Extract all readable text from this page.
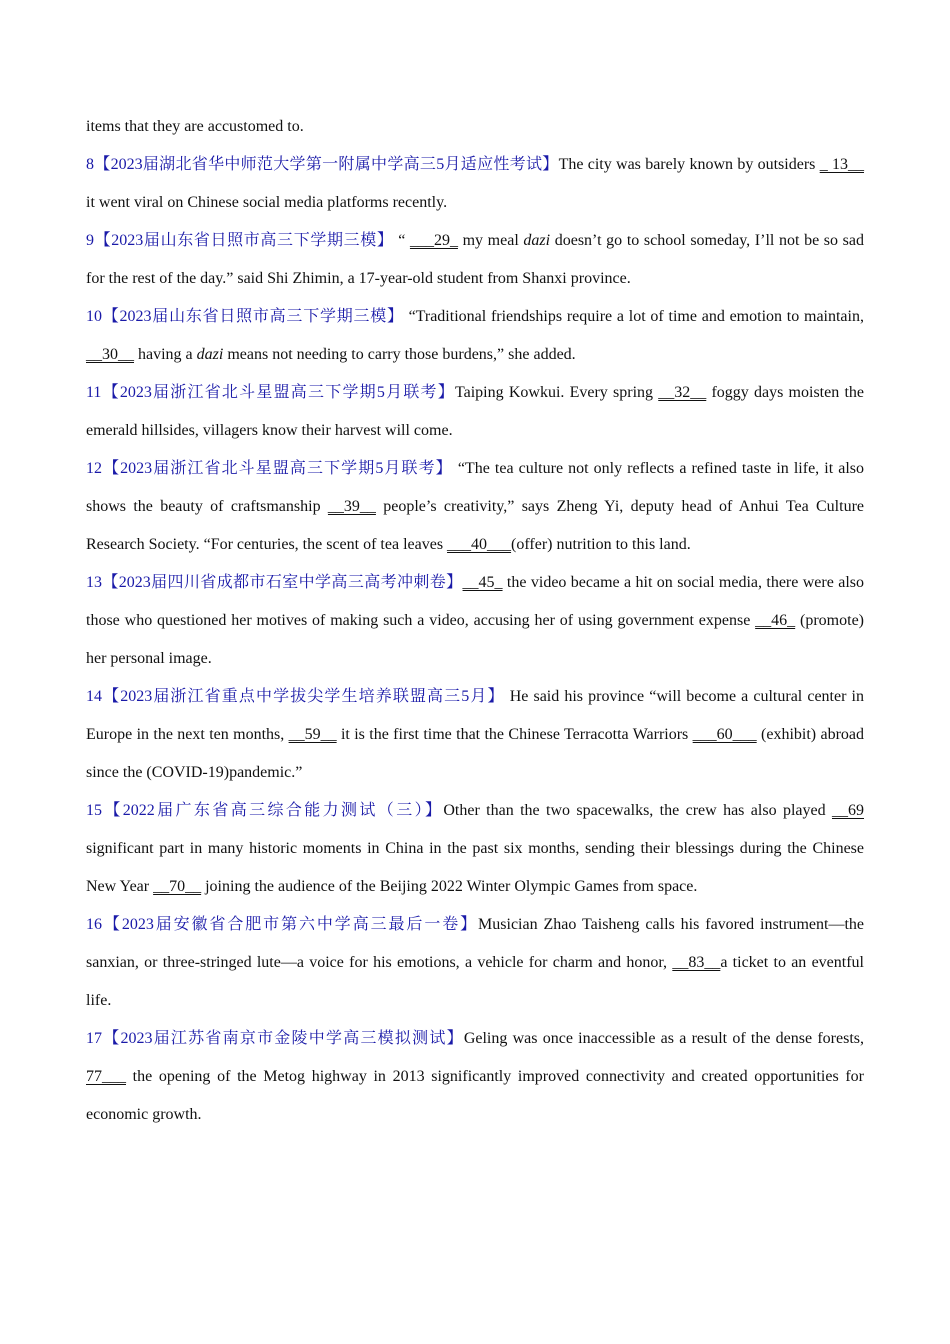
items that they are accustomed to.

8【2023届湖北省华中师范大学第一附属中学高三5月适应性考试】The city was barely known by outsiders _ 13__ it went viral on Chinese social media platforms recently.

9【2023届山东省日照市高三下学期三模】 “ ___29_ my meal dazi doesn’t go to school someday, I’ll not be so sad for the rest of the day.” said Shi Zhimin, a 17-year-old student from Shanxi province.

10【2023届山东省日照市高三下学期三模】 “Traditional friendships require a lot of time and emotion to maintain, __30__ having a dazi means not needing to carry those burdens,” she added.

11【2023届浙江省北斗星盟高三下学期5月联考】Taiping Kowkui. Every spring __32__ foggy days moisten the emerald hillsides, villagers know their harvest will come.

12【2023届浙江省北斗星盟高三下学期5月联考】 “The tea culture not only reflects a refined taste in life, it also shows the beauty of craftsmanship __39__ people’s creativity,” says Zheng Yi, deputy head of Anhui Tea Culture Research Society. “For centuries, the scent of tea leaves ___40___(offer) nutrition to this land.

13【2023届四川省成都市石室中学高三高考冲刺卷】__45_ the video became a hit on social media, there were also those who questioned her motives of making such a video, accusing her of using government expense __46_ (promote) her personal image.

14【2023届浙江省重点中学拔尖学生培养联盟高三5月】 He said his province “will become a cultural center in Europe in the next ten months, __59__ it is the first time that the Chinese Terracotta Warriors ___60___ (exhibit) abroad since the (COVID-19)pandemic.”

15【2022届广东省高三综合能力测试（三）】Other than the two spacewalks, the crew has also played __69 significant part in many historic moments in China in the past six months, sending their blessings during the Chinese New Year __70__ joining the audience of the Beijing 2022 Winter Olympic Games from space.

16【2023届安徽省合肥市第六中学高三最后一卷】Musician Zhao Taisheng calls his favored instrument—the sanxian, or three-stringed lute—a voice for his emotions, a vehicle for charm and honor, __83__a ticket to an eventful life.

17【2023届江苏省南京市金陵中学高三模拟测试】Geling was once inaccessible as a result of the dense forests, 77___ the opening of the Metog highway in 2013 significantly improved connectivity and created opportunities for economic growth.
